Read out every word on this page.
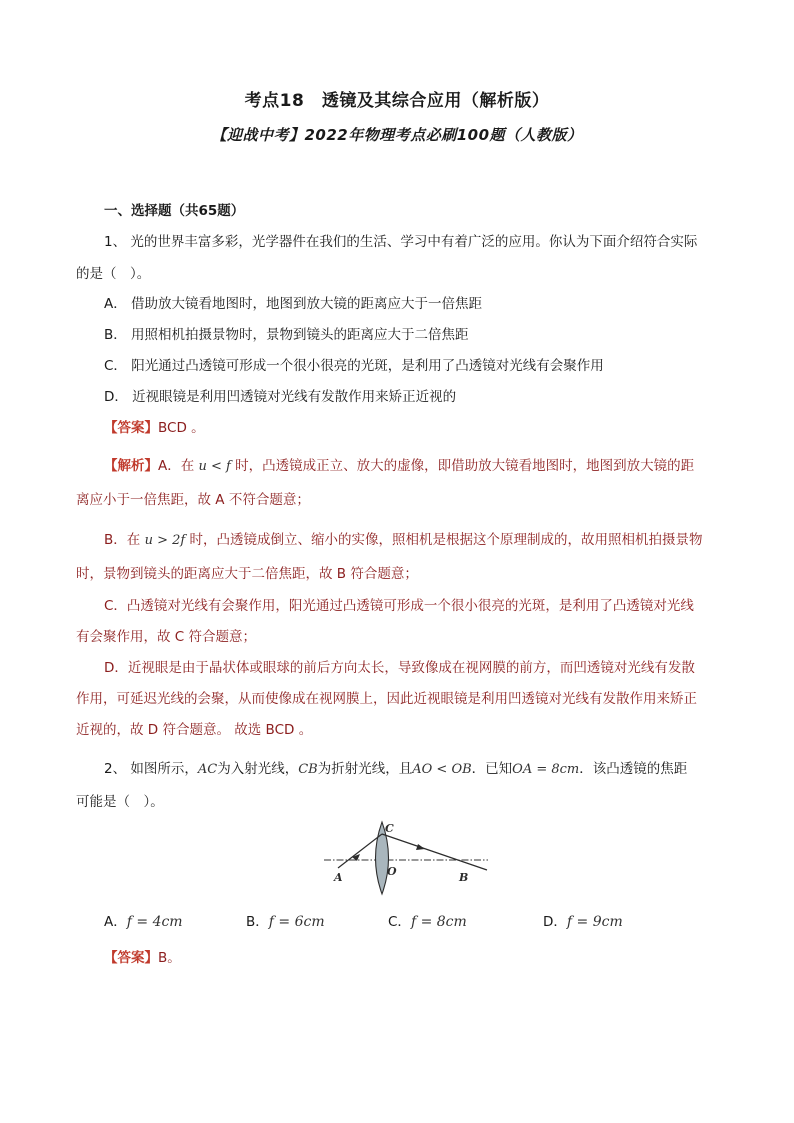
考点18　透镜及其综合应用（解析版）
【迎战中考】2022年物理考点必刷100题（人教版）
一、选择题（共65题）
1、 光的世界丰富多彩，光学器件在我们的生活、学习中有着广泛的应用。你认为下面介绍符合实际
的是（　）。
A． 借助放大镜看地图时，地图到放大镜的距离应大于一倍焦距
B． 用照相机拍摄景物时，景物到镜头的距离应大于二倍焦距
C． 阳光通过凸透镜可形成一个很小很亮的光斑，是利用了凸透镜对光线有会聚作用
D． 近视眼镜是利用凹透镜对光线有发散作用来矫正近视的
【答案】BCD 。
【解析】A．在 u < f 时，凸透镜成正立、放大的虚像，即借助放大镜看地图时，地图到放大镜的距
离应小于一倍焦距，故 A 不符合题意；
B．在 u > 2f 时，凸透镜成倒立、缩小的实像，照相机是根据这个原理制成的，故用照相机拍摄景物
时，景物到镜头的距离应大于二倍焦距，故 B 符合题意；
C．凸透镜对光线有会聚作用，阳光通过凸透镜可形成一个很小很亮的光斑，是利用了凸透镜对光线
有会聚作用，故 C 符合题意；
D．近视眼是由于晶状体或眼球的前后方向太长，导致像成在视网膜的前方，而凹透镜对光线有发散
作用，可延迟光线的会聚，从而使像成在视网膜上，因此近视眼镜是利用凹透镜对光线有发散作用来矫正
近视的，故 D 符合题意。 故选 BCD 。
2、 如图所示，AC为入射光线，CB为折射光线，且AO < OB．已知OA = 8cm．该凸透镜的焦距
可能是（　）。
C
A	O	B
A．f = 4cm	B．f = 6cm	C．f = 8cm	D．f = 9cm
【答案】B。
